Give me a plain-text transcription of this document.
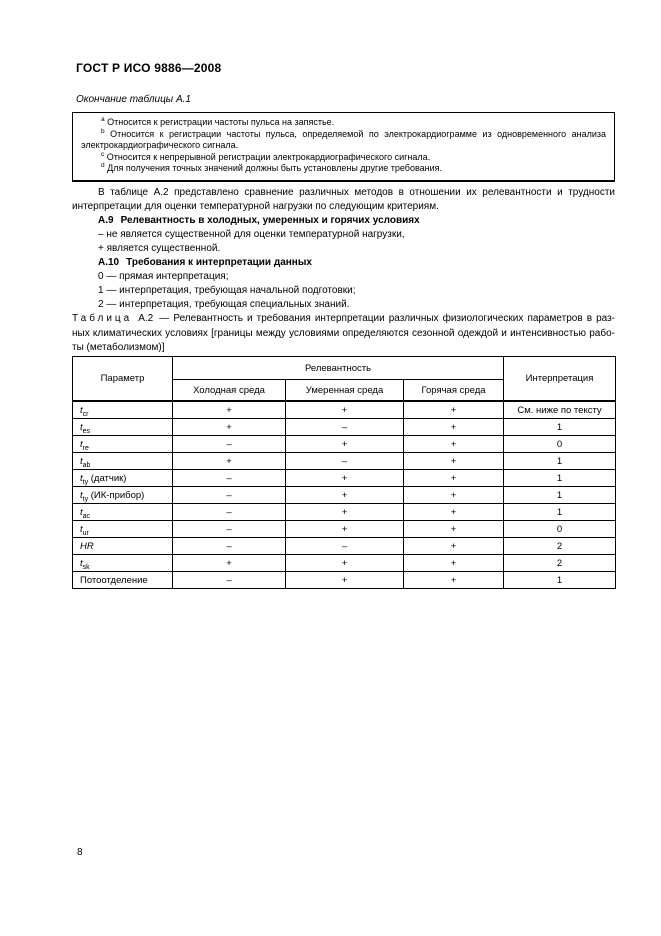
ГОСТ Р ИСО 9886—2008
Окончание таблицы А.1

$^a$ Относится к регистрации частоты пульса на запястье.

$^b$ Относится к регистрации частоты пульса, определяемой по электрокардиограмме из одновременного анализа электрокардиографического сигнала.

$^c$ Относится к непрерывной регистрации электрокардиографического сигнала.

$^d$ Для получения точных значений должны быть установлены другие требования.

В таблице А.2 представлено сравнение различных методов в отношении их релевантности и трудности интерпретации для оценки температурной нагрузки по следующим критериям.

А.9 Релевантность в холодных, умеренных и горячих условиях
– не является существенной для оценки температурной нагрузки,
+ является существенной.
А.10 Требования к интерпретации данных
0 — прямая интерпретация;
1 — интерпретация, требующая начальной подготовки;
2 — интерпретация, требующая специальных знаний.
Таблица А.2 — Релевантность и требования интерпретации различных физиологических параметров в разных климатических условиях [границы между условиями определяются сезонной одеждой и интенсивностью работы (метаболизмом)]
Параметр	Релевантность			Интерпретация
	Холодная среда	Умеренная среда	Горячая среда	
$t_{cr}$	+	+	+	См. ниже по тексту
$t_{es}$	+	–	+	1
$t_{re}$	–	+	+	0
$t_{ab}$	+	–	+	1
$t_{ty}$ (датчик)	–	+	+	1
$t_{ty}$ (ИК-прибор)	–	+	+	1
$t_{ac}$	–	+	+	1
$t_{ur}$	–	+	+	0
HR	–	–	+	2
$t_{sk}$	+	+	+	2
Потоотделение	–	+	+	1
8
